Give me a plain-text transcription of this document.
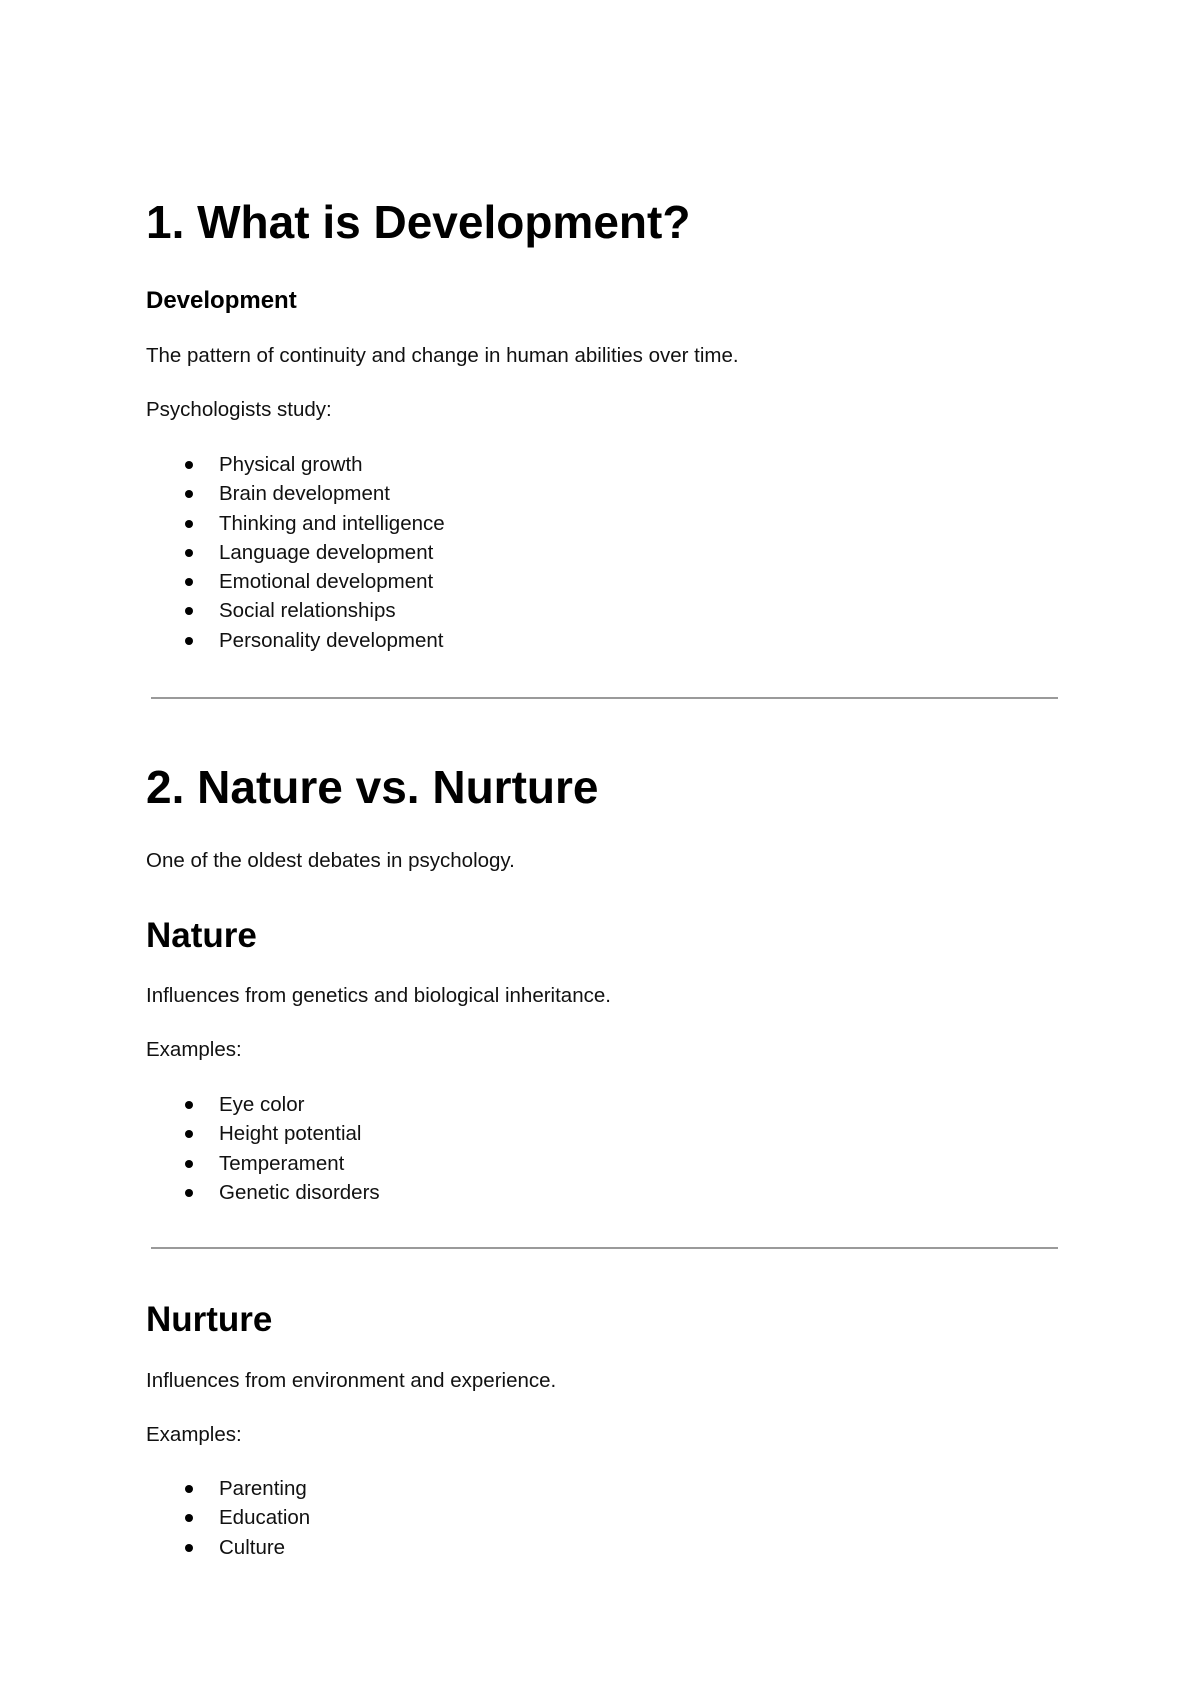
1. What is Development?
Development

The pattern of continuity and change in human abilities over time.

Psychologists study:

Physical growth
Brain development
Thinking and intelligence
Language development
Emotional development
Social relationships
Personality development
2. Nature vs. Nurture

One of the oldest debates in psychology.

Nature

Influences from genetics and biological inheritance.

Examples:

Eye color
Height potential
Temperament
Genetic disorders
Nurture

Influences from environment and experience.

Examples:

Parenting
Education
Culture
